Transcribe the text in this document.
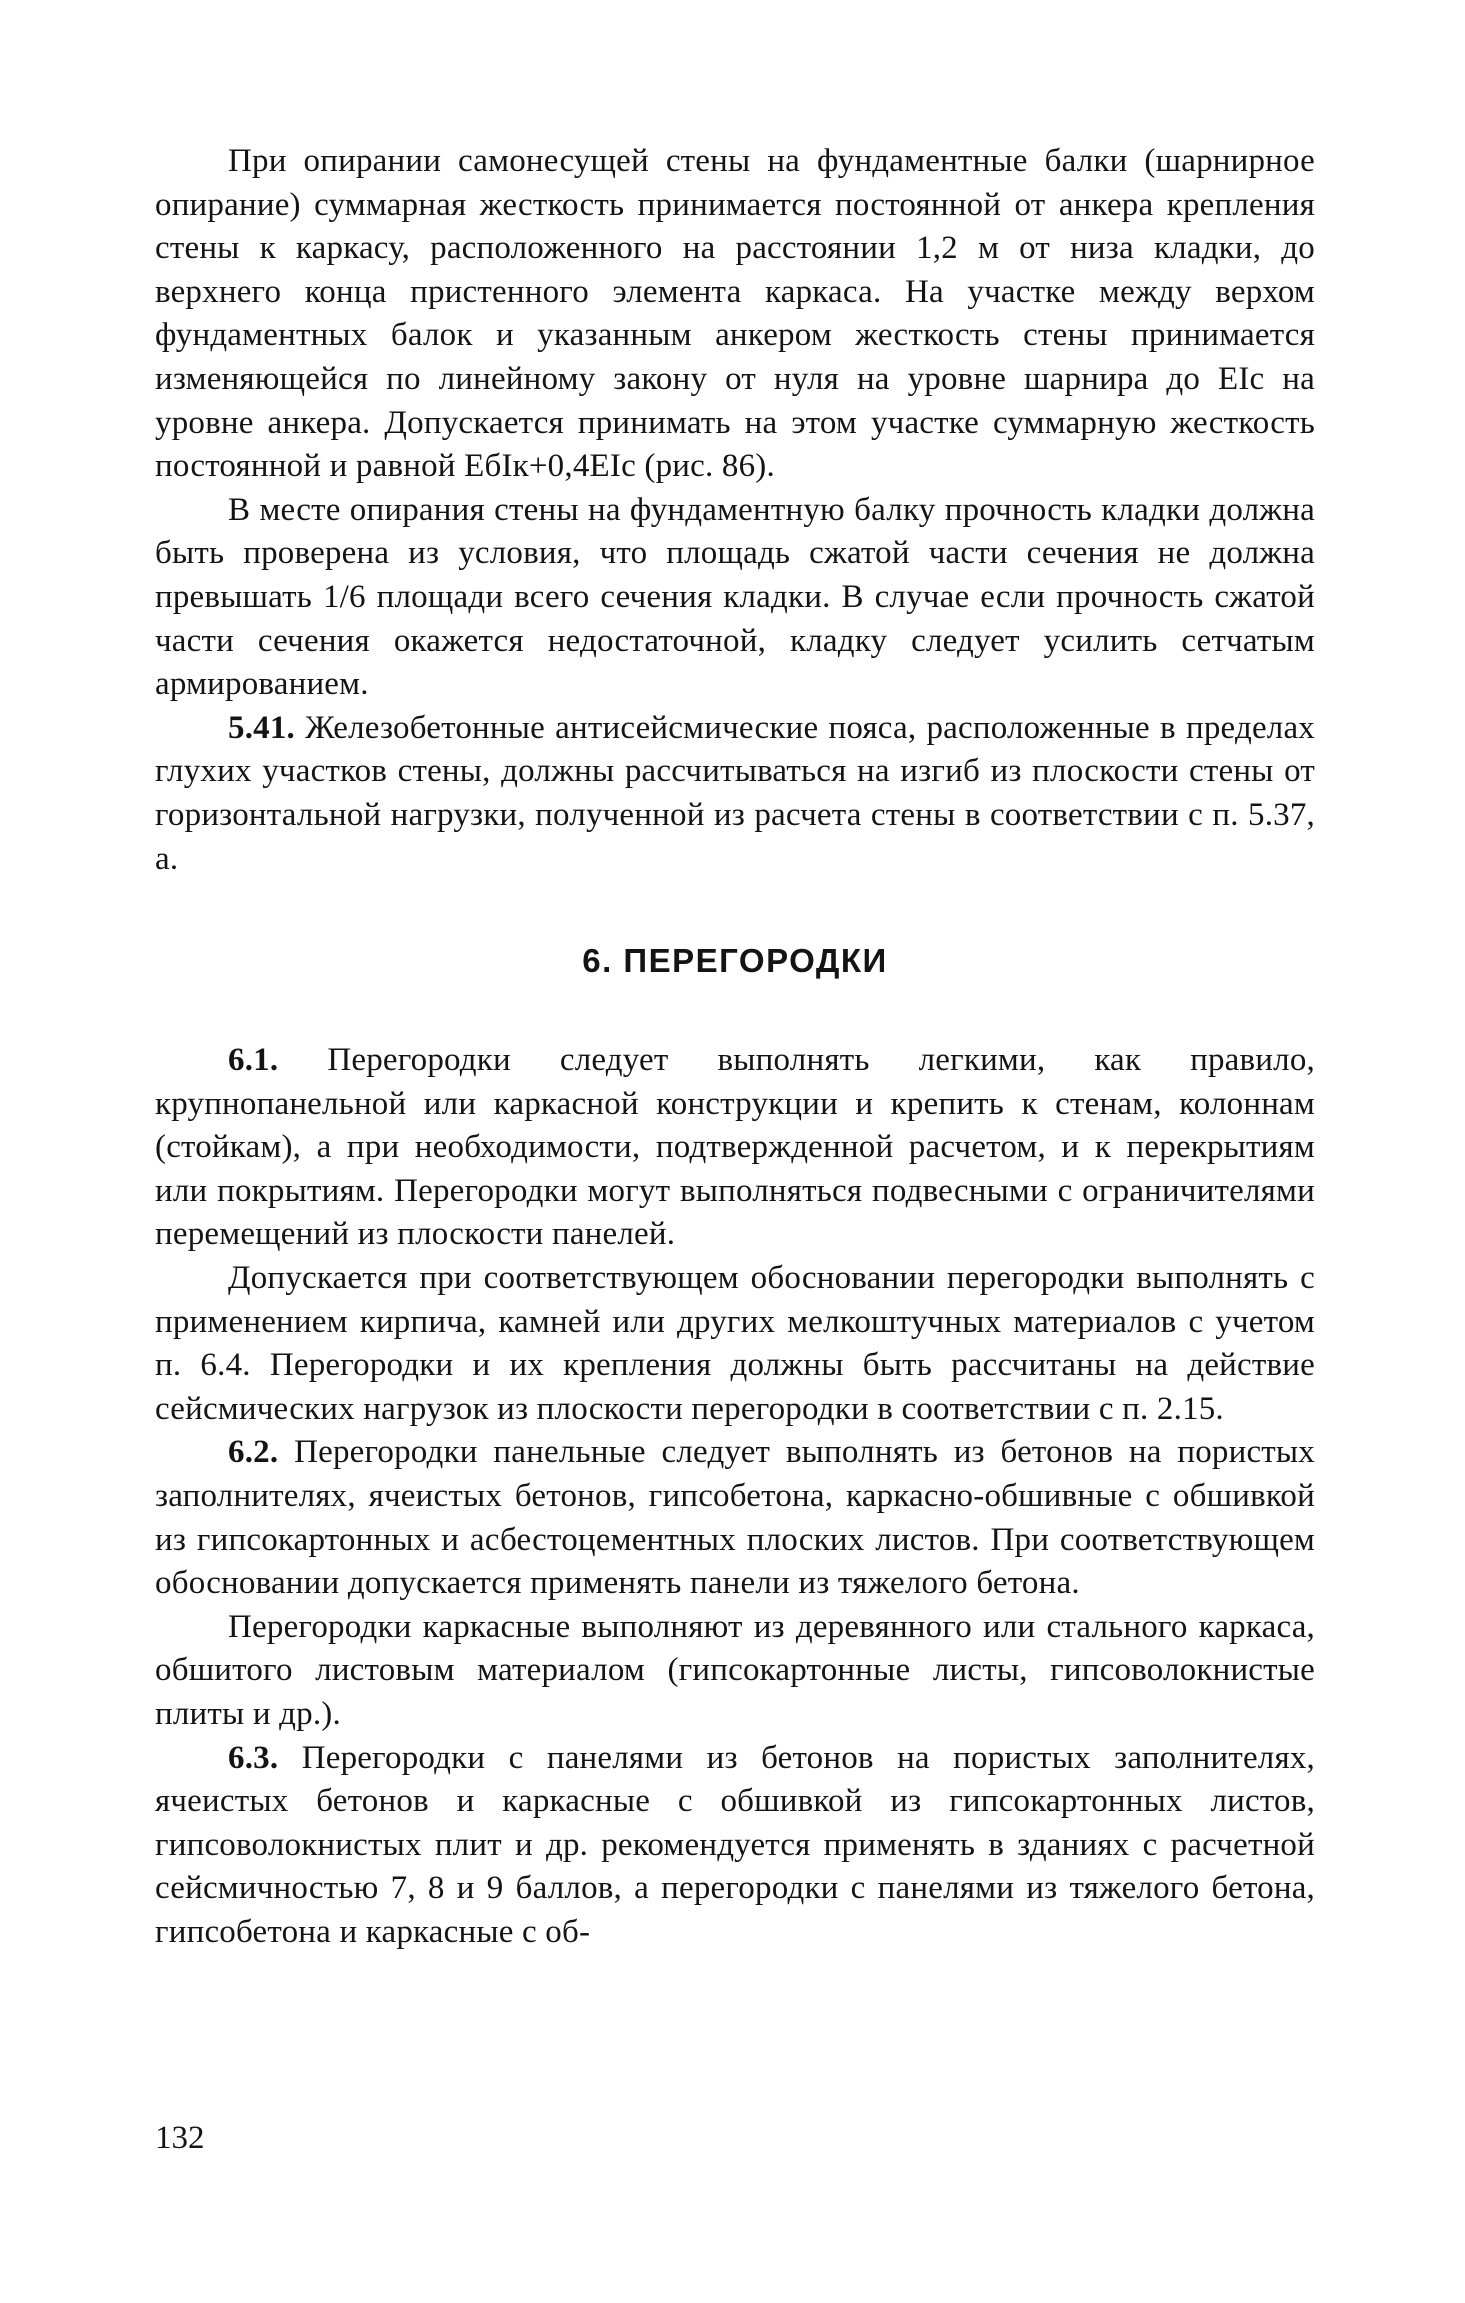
При опирании самонесущей стены на фундаментные балки (шарнирное опирание) суммарная жесткость принимается постоянной от анкера крепления стены к каркасу, расположенного на расстоянии 1,2 м от низа кладки, до верхнего конца пристенного элемента каркаса. На участке между верхом фундаментных балок и указанным анкером жесткость стены принимается изменяющейся по линейному закону от нуля на уровне шарнира до EIc на уровне анкера. Допускается принимать на этом участке суммарную жесткость постоянной и равной EбIк+0,4EIc (рис. 86).

В месте опирания стены на фундаментную балку прочность кладки должна быть проверена из условия, что площадь сжатой части сечения не должна превышать 1/6 площади всего сечения кладки. В случае если прочность сжатой части сечения окажется недостаточной, кладку следует усилить сетчатым армированием.

5.41. Железобетонные антисейсмические пояса, расположенные в пределах глухих участков стены, должны рассчитываться на изгиб из плоскости стены от горизонтальной нагрузки, полученной из расчета стены в соответствии с п. 5.37, а.

6. ПЕРЕГОРОДКИ

6.1. Перегородки следует выполнять легкими, как правило, крупнопанельной или каркасной конструкции и крепить к стенам, колоннам (стойкам), а при необходимости, подтвержденной расчетом, и к перекрытиям или покрытиям. Перегородки могут выполняться подвесными с ограничителями перемещений из плоскости панелей.

Допускается при соответствующем обосновании перегородки выполнять с применением кирпича, камней или других мелкоштучных материалов с учетом п. 6.4. Перегородки и их крепления должны быть рассчитаны на действие сейсмических нагрузок из плоскости перегородки в соответствии с п. 2.15.

6.2. Перегородки панельные следует выполнять из бетонов на пористых заполнителях, ячеистых бетонов, гипсобетона, каркасно-обшивные с обшивкой из гипсокартонных и асбестоцементных плоских листов. При соответствующем обосновании допускается применять панели из тяжелого бетона.

Перегородки каркасные выполняют из деревянного или стального каркаса, обшитого листовым материалом (гипсокартонные листы, гипсоволокнистые плиты и др.).

6.3. Перегородки с панелями из бетонов на пористых заполнителях, ячеистых бетонов и каркасные с обшивкой из гипсокартонных листов, гипсоволокнистых плит и др. рекомендуется применять в зданиях с расчетной сейсмичностью 7, 8 и 9 баллов, а перегородки с панелями из тяжелого бетона, гипсобетона и каркасные с об-

132
